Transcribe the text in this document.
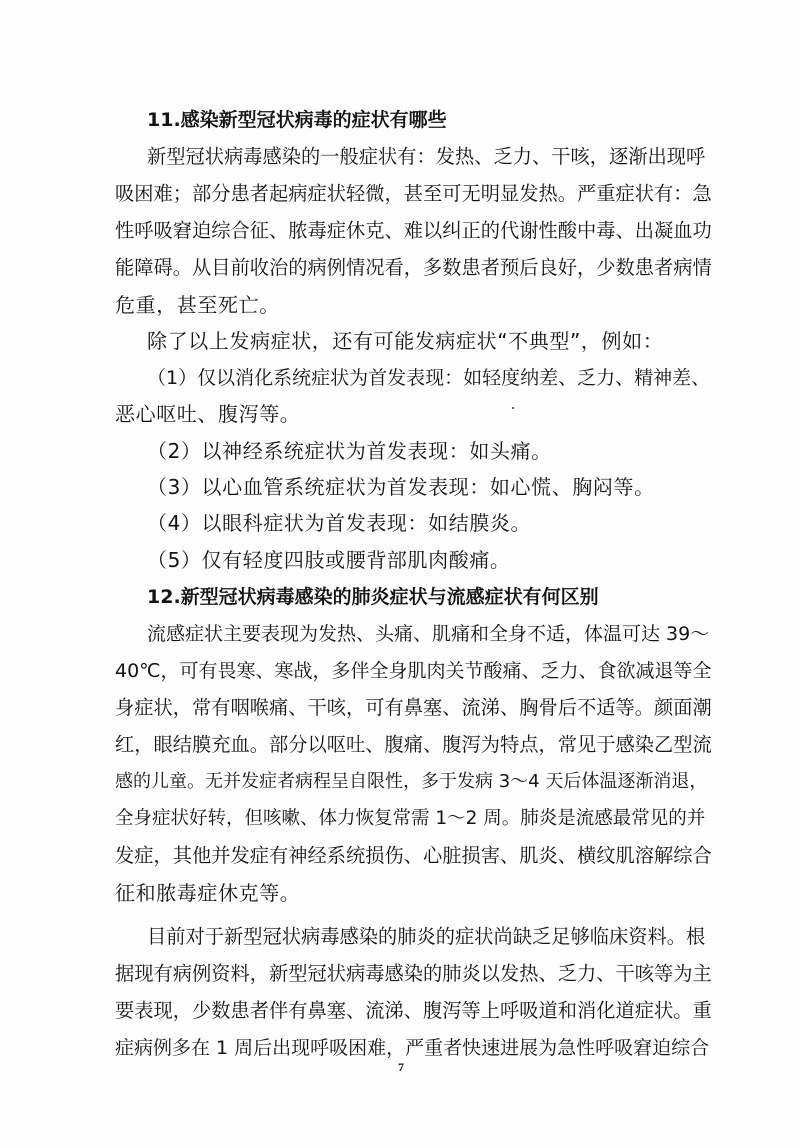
11.感染新型冠状病毒的症状有哪些
新型冠状病毒感染的一般症状有：发热、乏力、干咳，逐渐出现呼
吸困难；部分患者起病症状轻微，甚至可无明显发热。严重症状有：急
性呼吸窘迫综合征、脓毒症休克、难以纠正的代谢性酸中毒、出凝血功
能障碍。从目前收治的病例情况看，多数患者预后良好，少数患者病情
危重，甚至死亡。
除了以上发病症状，还有可能发病症状“不典型”，例如：
（1）仅以消化系统症状为首发表现：如轻度纳差、乏力、精神差、
恶心呕吐、腹泻等。
（2）以神经系统症状为首发表现：如头痛。
（3）以心血管系统症状为首发表现：如心慌、胸闷等。
（4）以眼科症状为首发表现：如结膜炎。
（5）仅有轻度四肢或腰背部肌肉酸痛。
12.新型冠状病毒感染的肺炎症状与流感症状有何区别
流感症状主要表现为发热、头痛、肌痛和全身不适，体温可达 39～
40℃，可有畏寒、寒战，多伴全身肌肉关节酸痛、乏力、食欲减退等全
身症状，常有咽喉痛、干咳，可有鼻塞、流涕、胸骨后不适等。颜面潮
红，眼结膜充血。部分以呕吐、腹痛、腹泻为特点，常见于感染乙型流
感的儿童。无并发症者病程呈自限性，多于发病 3～4 天后体温逐渐消退，
全身症状好转，但咳嗽、体力恢复常需 1～2 周。肺炎是流感最常见的并
发症，其他并发症有神经系统损伤、心脏损害、肌炎、横纹肌溶解综合
征和脓毒症休克等。
目前对于新型冠状病毒感染的肺炎的症状尚缺乏足够临床资料。根
据现有病例资料，新型冠状病毒感染的肺炎以发热、乏力、干咳等为主
要表现，少数患者伴有鼻塞、流涕、腹泻等上呼吸道和消化道症状。重
症病例多在 1 周后出现呼吸困难，严重者快速进展为急性呼吸窘迫综合
7
